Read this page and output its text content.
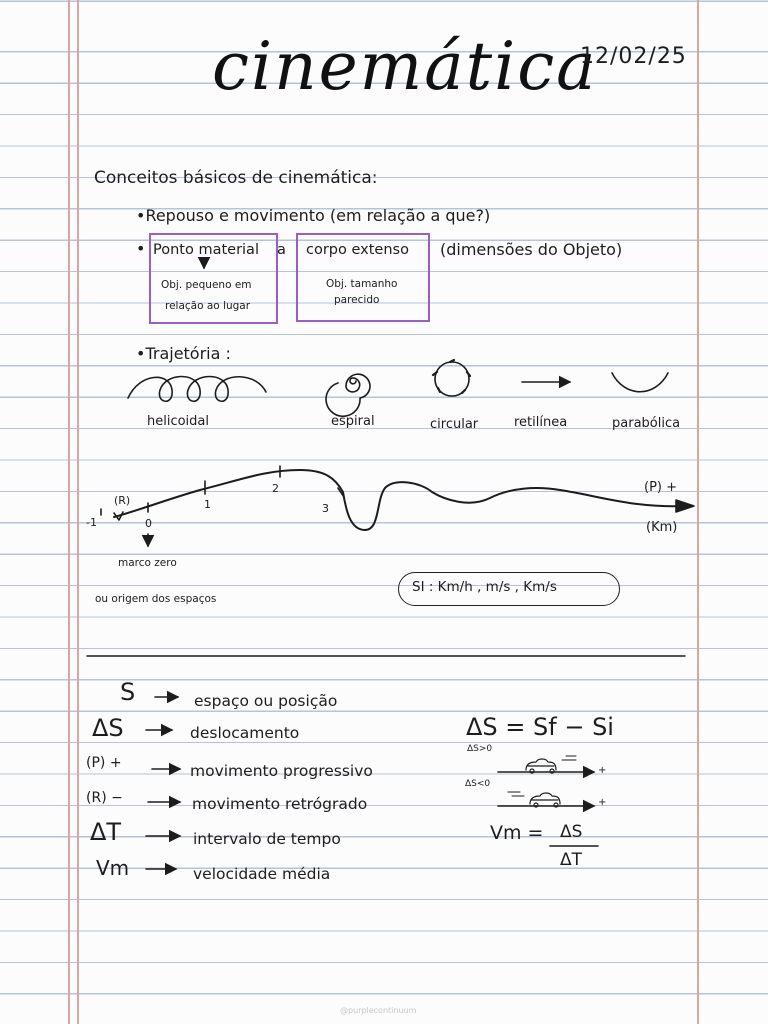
cinemática
12/02/25
Conceitos básicos de cinemática:
•Repouso e movimento (em relação a que?)
• Ponto material a
Obj. pequeno em
relação ao lugar
corpo extenso
Obj. tamanho
parecido
(dimensões do Objeto)
•Trajetória :
helicoidal	espiral	circular	retilínea	parabólica
-1	0
1
2
3
(R)
(P) +
(Km)
marco zero
ou origem dos espaços
SI : Km/h , m/s , Km/s
S	espaço ou posição
ΔS	deslocamento
(P) +	movimento progressivo
(R) −	movimento retrógrado
ΔT	intervalo de tempo
Vm	velocidade média
ΔS = Sf − Si
ΔS>0
ΔS<0
+
+
Vm = ΔS
ΔT
@purplecontinuum
